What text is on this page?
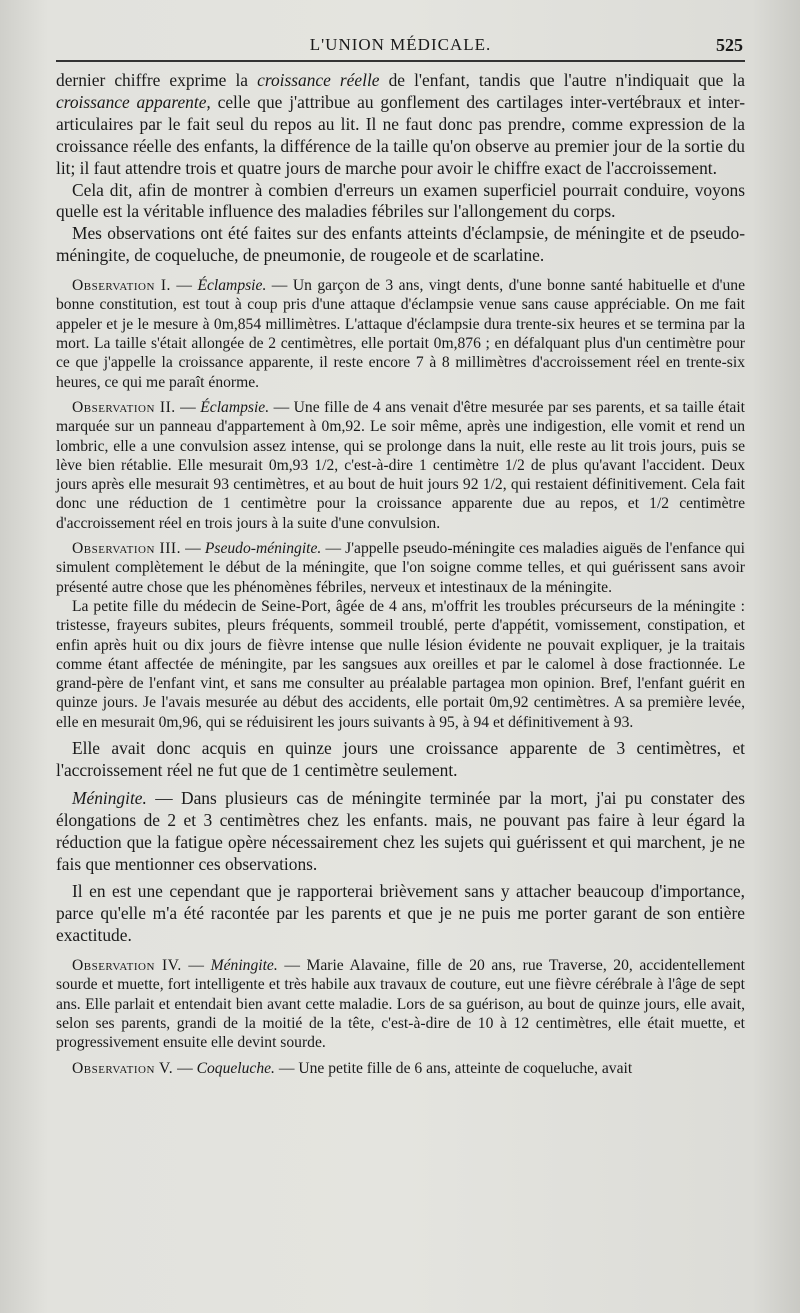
L'UNION MÉDICALE.	525

dernier chiffre exprime la croissance réelle de l'enfant, tandis que l'autre n'indiquait que la croissance apparente, celle que j'attribue au gonflement des cartilages inter-vertébraux et inter-articulaires par le fait seul du repos au lit. Il ne faut donc pas prendre, comme expression de la croissance réelle des enfants, la différence de la taille qu'on observe au premier jour de la sortie du lit; il faut attendre trois et quatre jours de marche pour avoir le chiffre exact de l'accroissement.

Cela dit, afin de montrer à combien d'erreurs un examen superficiel pourrait conduire, voyons quelle est la véritable influence des maladies fébriles sur l'allongement du corps.

Mes observations ont été faites sur des enfants atteints d'éclampsie, de méningite et de pseudo-méningite, de coqueluche, de pneumonie, de rougeole et de scarlatine.

Observation I. — Éclampsie. — Un garçon de 3 ans, vingt dents, d'une bonne santé habituelle et d'une bonne constitution, est tout à coup pris d'une attaque d'éclampsie venue sans cause appréciable. On me fait appeler et je le mesure à 0m,854 millimètres. L'attaque d'éclampsie dura trente-six heures et se termina par la mort. La taille s'était allongée de 2 centimètres, elle portait 0m,876 ; en défalquant plus d'un centimètre pour ce que j'appelle la croissance apparente, il reste encore 7 à 8 millimètres d'accroissement réel en trente-six heures, ce qui me paraît énorme.

Observation II. — Éclampsie. — Une fille de 4 ans venait d'être mesurée par ses parents, et sa taille était marquée sur un panneau d'appartement à 0m,92. Le soir même, après une indigestion, elle vomit et rend un lombric, elle a une convulsion assez intense, qui se prolonge dans la nuit, elle reste au lit trois jours, puis se lève bien rétablie. Elle mesurait 0m,93 1/2, c'est-à-dire 1 centimètre 1/2 de plus qu'avant l'accident. Deux jours après elle mesurait 93 centimètres, et au bout de huit jours 92 1/2, qui restaient définitivement. Cela fait donc une réduction de 1 centimètre pour la croissance apparente due au repos, et 1/2 centimètre d'accroissement réel en trois jours à la suite d'une convulsion.

Observation III. — Pseudo-méningite. — J'appelle pseudo-méningite ces maladies aiguës de l'enfance qui simulent complètement le début de la méningite, que l'on soigne comme telles, et qui guérissent sans avoir présenté autre chose que les phénomènes fébriles, nerveux et intestinaux de la méningite.

La petite fille du médecin de Seine-Port, âgée de 4 ans, m'offrit les troubles précurseurs de la méningite : tristesse, frayeurs subites, pleurs fréquents, sommeil troublé, perte d'appétit, vomissement, constipation, et enfin après huit ou dix jours de fièvre intense que nulle lésion évidente ne pouvait expliquer, je la traitais comme étant affectée de méningite, par les sangsues aux oreilles et par le calomel à dose fractionnée. Le grand-père de l'enfant vint, et sans me consulter au préalable partagea mon opinion. Bref, l'enfant guérit en quinze jours. Je l'avais mesurée au début des accidents, elle portait 0m,92 centimètres. A sa première levée, elle en mesurait 0m,96, qui se réduisirent les jours suivants à 95, à 94 et définitivement à 93.

Elle avait donc acquis en quinze jours une croissance apparente de 3 centimètres, et l'accroissement réel ne fut que de 1 centimètre seulement.

Méningite. — Dans plusieurs cas de méningite terminée par la mort, j'ai pu constater des élongations de 2 et 3 centimètres chez les enfants. mais, ne pouvant pas faire à leur égard la réduction que la fatigue opère nécessairement chez les sujets qui guérissent et qui marchent, je ne fais que mentionner ces observations.

Il en est une cependant que je rapporterai brièvement sans y attacher beaucoup d'importance, parce qu'elle m'a été racontée par les parents et que je ne puis me porter garant de son entière exactitude.

Observation IV. — Méningite. — Marie Alavaine, fille de 20 ans, rue Traverse, 20, accidentellement sourde et muette, fort intelligente et très habile aux travaux de couture, eut une fièvre cérébrale à l'âge de sept ans. Elle parlait et entendait bien avant cette maladie. Lors de sa guérison, au bout de quinze jours, elle avait, selon ses parents, grandi de la moitié de la tête, c'est-à-dire de 10 à 12 centimètres, elle était muette, et progressivement ensuite elle devint sourde.

Observation V. — Coqueluche. — Une petite fille de 6 ans, atteinte de coqueluche, avait
